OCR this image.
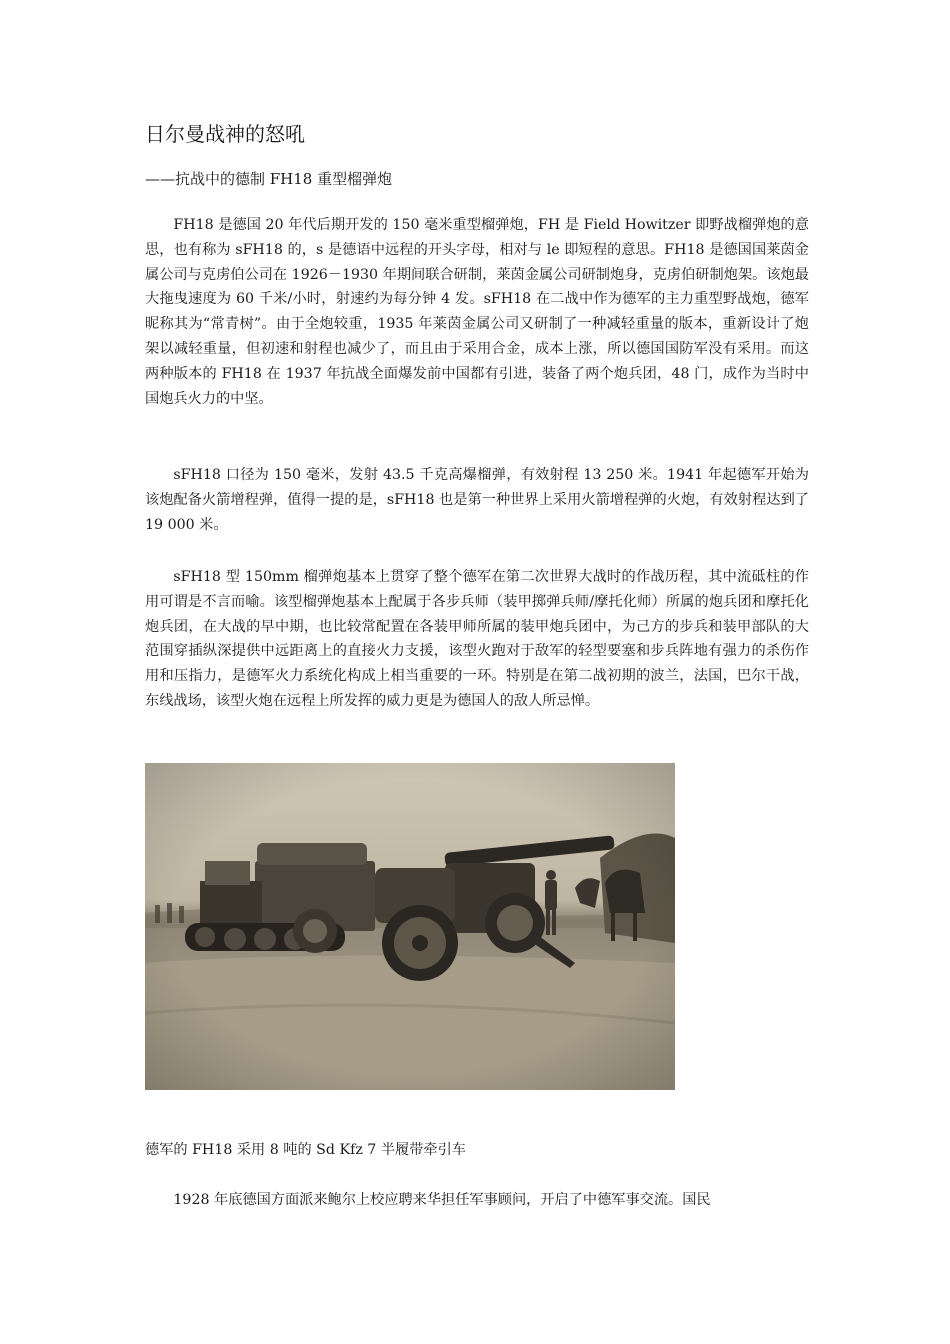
日尔曼战神的怒吼
——抗战中的德制 FH18 重型榴弹炮

FH18 是德国 20 年代后期开发的 150 毫米重型榴弹炮，FH 是 Field Howitzer 即野战榴弹炮的意思，也有称为 sFH18 的，s 是德语中远程的开头字母，相对与 le 即短程的意思。FH18 是德国国莱茵金属公司与克虏伯公司在 1926－1930 年期间联合研制，莱茵金属公司研制炮身，克虏伯研制炮架。该炮最大拖曳速度为 60 千米/小时，射速约为每分钟 4 发。sFH18 在二战中作为德军的主力重型野战炮，德军昵称其为“常青树”。由于全炮较重，1935 年莱茵金属公司又研制了一种减轻重量的版本，重新设计了炮架以减轻重量，但初速和射程也减少了，而且由于采用合金，成本上涨，所以德国国防军没有采用。而这两种版本的 FH18 在 1937 年抗战全面爆发前中国都有引进，装备了两个炮兵团，48 门，成作为当时中国炮兵火力的中坚。

sFH18 口径为 150 毫米，发射 43.5 千克高爆榴弹，有效射程 13 250 米。1941 年起德军开始为该炮配备火箭增程弹，值得一提的是，sFH18 也是第一种世界上采用火箭增程弹的火炮，有效射程达到了 19 000 米。

sFH18 型 150mm 榴弹炮基本上贯穿了整个德军在第二次世界大战时的作战历程，其中流砥柱的作用可谓是不言而喻。该型榴弹炮基本上配属于各步兵师（装甲掷弹兵师/摩托化师）所属的炮兵团和摩托化炮兵团，在大战的早中期，也比较常配置在各装甲师所属的装甲炮兵团中，为己方的步兵和装甲部队的大范围穿插纵深提供中远距离上的直接火力支援，该型火跑对于敌军的轻型要塞和步兵阵地有强力的杀伤作用和压指力，是德军火力系统化构成上相当重要的一环。特别是在第二战初期的波兰，法国，巴尔干战，东线战场，该型火炮在远程上所发挥的威力更是为德国人的敌人所忌惮。

德军的 FH18 采用 8 吨的 Sd Kfz 7 半履带牵引车

1928 年底德国方面派来鲍尔上校应聘来华担任军事顾问，开启了中德军事交流。国民
